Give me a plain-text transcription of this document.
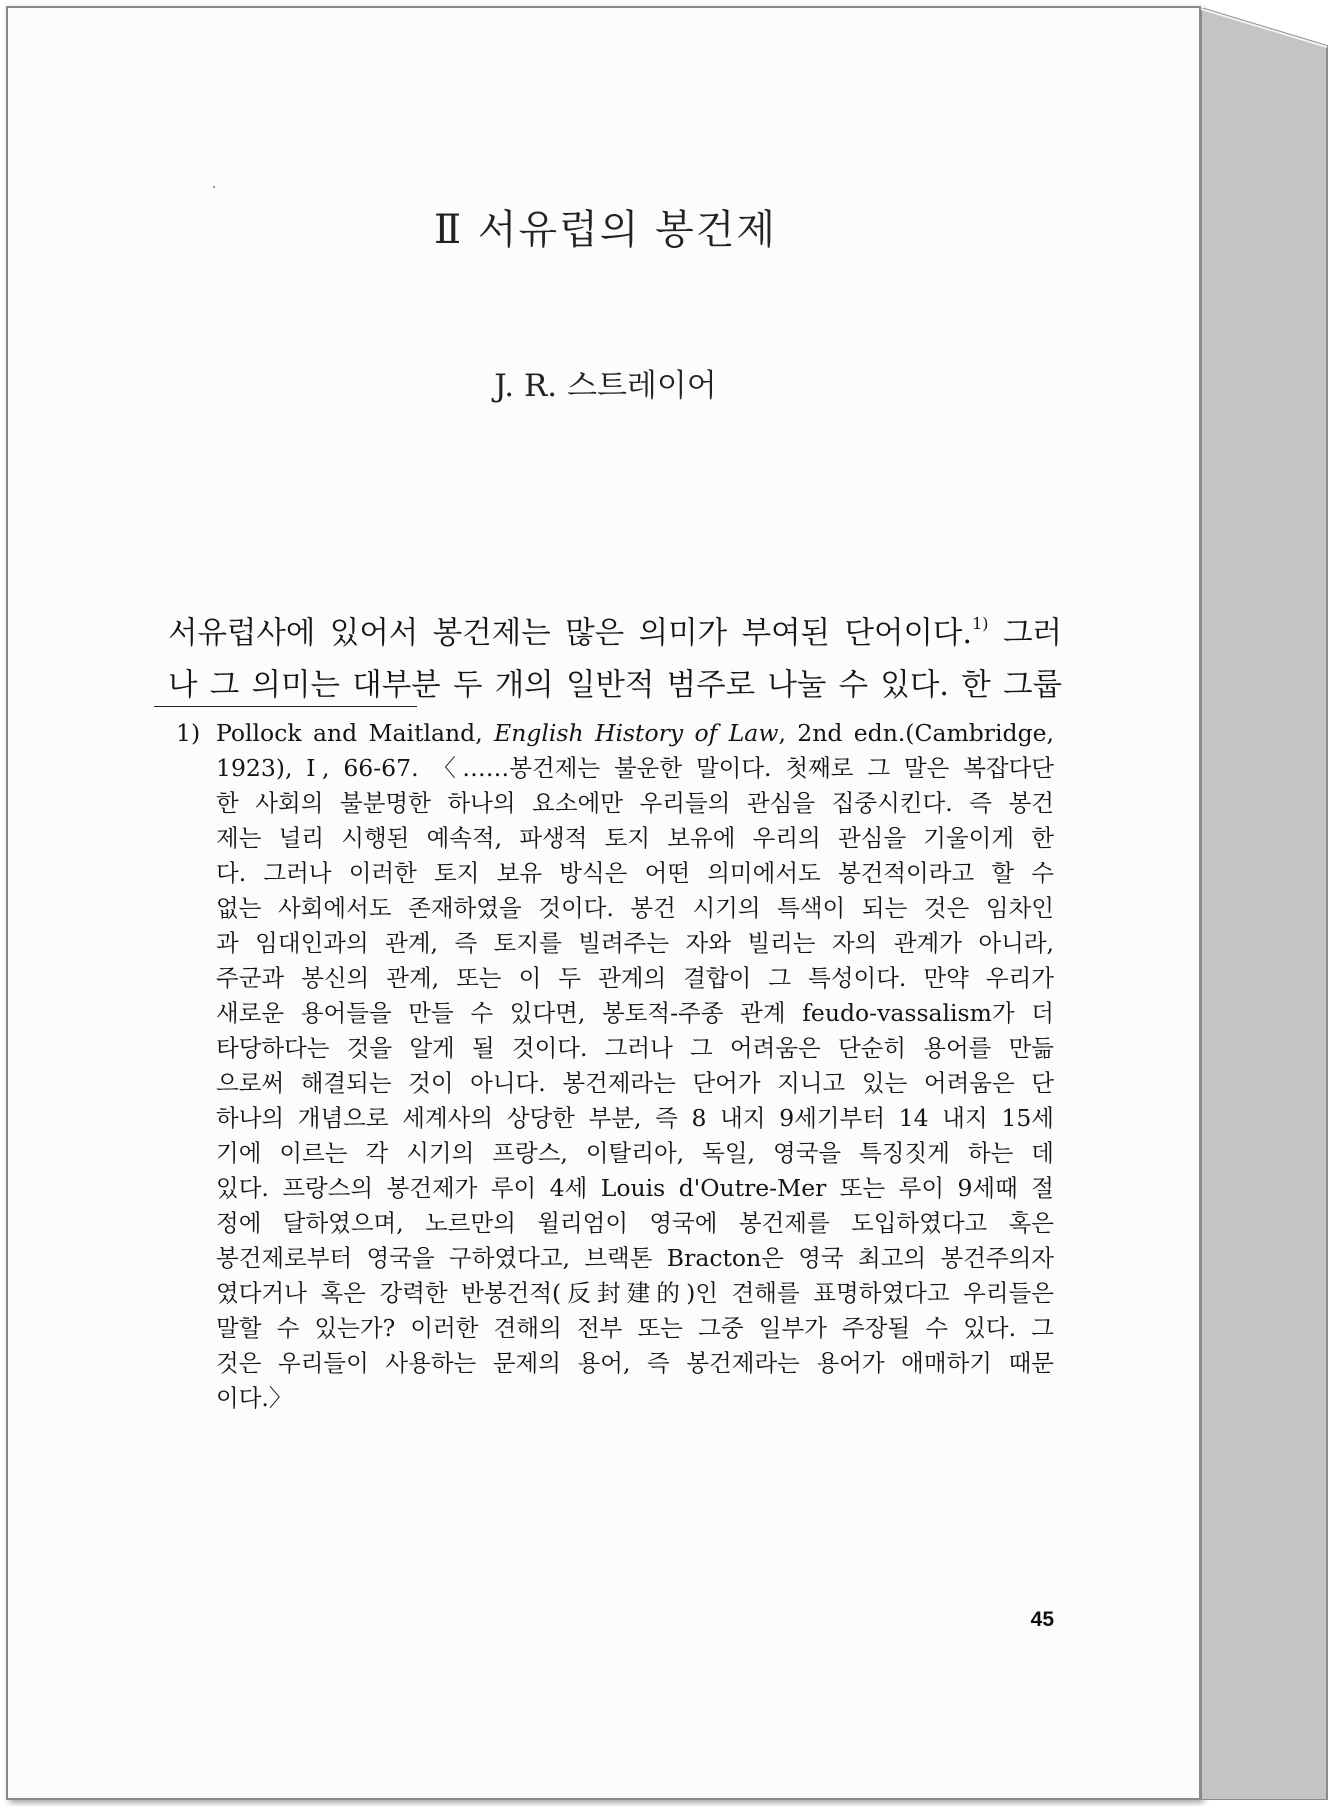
Ⅱ 서유럽의 봉건제
J. R. 스트레이어
서유럽사에 있어서 봉건제는 많은 의미가 부여된 단어이다.$^{1)}$ 그러
나 그 의미는 대부분 두 개의 일반적 범주로 나눌 수 있다. 한 그룹
1) Pollock and Maitland, English History of Law, 2nd edn.(Cambridge,
1923), Ⅰ, 66-67. 〈……봉건제는 불운한 말이다. 첫째로 그 말은 복잡다단
한 사회의 불분명한 하나의 요소에만 우리들의 관심을 집중시킨다. 즉 봉건
제는 널리 시행된 예속적, 파생적 토지 보유에 우리의 관심을 기울이게 한
다. 그러나 이러한 토지 보유 방식은 어떤 의미에서도 봉건적이라고 할 수
없는 사회에서도 존재하였을 것이다. 봉건 시기의 특색이 되는 것은 임차인
과 임대인과의 관계, 즉 토지를 빌려주는 자와 빌리는 자의 관계가 아니라,
주군과 봉신의 관계, 또는 이 두 관계의 결합이 그 특성이다. 만약 우리가
새로운 용어들을 만들 수 있다면, 봉토적-주종 관계 feudo-vassalism가 더
타당하다는 것을 알게 될 것이다. 그러나 그 어려움은 단순히 용어를 만듦
으로써 해결되는 것이 아니다. 봉건제라는 단어가 지니고 있는 어려움은 단
하나의 개념으로 세계사의 상당한 부분, 즉 8 내지 9세기부터 14 내지 15세
기에 이르는 각 시기의 프랑스, 이탈리아, 독일, 영국을 특징짓게 하는 데
있다. 프랑스의 봉건제가 루이 4세 Louis d'Outre-Mer 또는 루이 9세때 절
정에 달하였으며, 노르만의 윌리엄이 영국에 봉건제를 도입하였다고 혹은
봉건제로부터 영국을 구하였다고, 브랙톤 Bracton은 영국 최고의 봉건주의자
였다거나 혹은 강력한 반봉건적(反封建的)인 견해를 표명하였다고 우리들은
말할 수 있는가? 이러한 견해의 전부 또는 그중 일부가 주장될 수 있다. 그
것은 우리들이 사용하는 문제의 용어, 즉 봉건제라는 용어가 애매하기 때문
이다.〉
45
